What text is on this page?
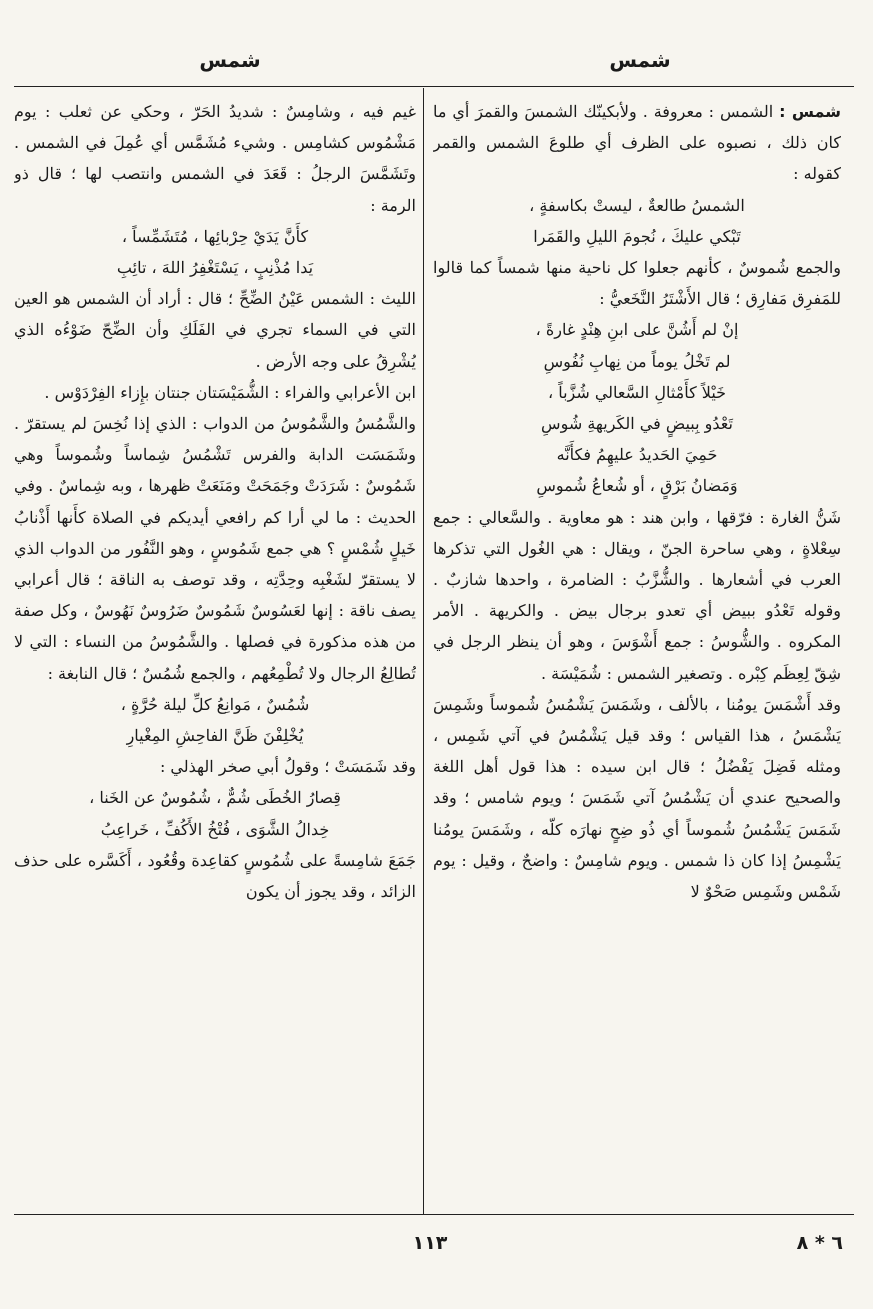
شمس
شمس

شمس : الشمس : معروفة . ولأبكينّك الشمسَ والقمرَ أي ما كان ذلك ، نصبوه على الظرف أي طلوعَ الشمس والقمر كقوله :

الشمسُ طالعةٌ ، ليستْ بكاسفةٍ ،

تَبْكي عليكَ ، نُجومَ الليلِ والقَمَرا

والجمع شُموسٌ ، كأنهم جعلوا كل ناحية منها شمساً كما قالوا للمَفرِق مَفارِق ؛ قال الأَشْتَرُ النَّخَعيُّ :

إنْ لم أَشُنَّ على ابنِ هِنْدٍ غارةً ،

لم تَخْلُ يوماً من نِهابِ نُفُوسِ

خَيْلاً كأَمْثالِ السَّعالي شُزَّباً ،

تَعْدُو بِبيضٍ في الكَريهةِ شُوسِ

حَمِيَ الحَديدُ عليهِمُ فكأَنَّه

وَمَضانُ بَرْقٍ ، أو شُعاعُ شُموسِ

شَنُّ الغارة : فرّقها ، وابن هند : هو معاوية . والسَّعالي : جمع سِعْلاةٍ ، وهي ساحرة الجنّ ، ويقال : هي الغُول التي تذكرها العرب في أشعارها . والشُّزَّبُ : الضامرة ، واحدها شازبٌ . وقوله تَعْدُو ببيض أي تعدو برجال بيض . والكريهة . الأمر المكروه . والشُّوسُ : جمع أَشْوَسَ ، وهو أن ينظر الرجل في شِقّ لِعِظَم كِبْره . وتصغير الشمس : شُمَيْسَة .

وقد أَشْمَسَ يومُنا ، بالألف ، وشَمَسَ يَشْمُسُ شُموساً وشَمِسَ يَشْمَسُ ، هذا القياس ؛ وقد قيل يَشْمُسُ في آتي شَمِس ، ومثله فَضِلَ يَفْضُلُ ؛ قال ابن سيده : هذا قول أهل اللغة والصحيح عندي أن يَشْمُسُ آتي شَمَسَ ؛ ويوم شامس ؛ وقد شَمَسَ يَشْمُسُ شُموساً أي ذُو ضِحٍ نهارَه كلّه ، وشَمَسَ يومُنا يَشْمِسُ إذا كان ذا شمس . ويوم شامِسٌ : واضحٌ ، وقيل : يوم شَمْس وشَمِس صَحْوٌ لا

غيم فيه ، وشامِسٌ : شديدُ الحَرّ ، وحكي عن ثعلب : يوم مَشْمُوس كشامِس . وشيء مُشَمَّس أي عُمِلَ في الشمس . وتَشَمَّسَ الرجلُ : قَعَدَ في الشمس وانتصب لها ؛ قال ذو الرمة :

كأَنَّ يَدَيْ حِرْبائِها ، مُتَشَمِّساً ،

يَدا مُذْنِبٍ ، يَسْتَغْفِرُ اللهَ ، تائِبِ

الليث : الشمس عَيْنُ الضِّحِّ ؛ قال : أراد أن الشمس هو العين التي في السماء تجري في الفَلَكِ وأن الضِّحّ ضَوْءُه الذي يُشْرِقُ على وجه الأرض .

ابن الأعرابي والفراء : الشُّمَيْسَتان جنتان بإِزاء الفِرْدَوْس .

والشَّمُسُ والشَّمُوسُ من الدواب : الذي إذا نُخِسَ لم يستقرّ . وشَمَسَت الدابة والفرس تَشْمُسُ شِماساً وشُموساً وهي شَمُوسٌ : شَرَدَتْ وجَمَحَتْ ومَنَعَتْ ظهرها ، وبه شِماسٌ . وفي الحديث : ما لي أرا كم رافعي أيديكم في الصلاة كأَنها أَذْنابُ خَيلٍ شُمْسٍ ؟ هي جمع شَمُوسٍ ، وهو النَّفُور من الدواب الذي لا يستقرّ لشَغْبِه وحِدَّتِه ، وقد توصف به الناقة ؛ قال أعرابي يصف ناقة : إنها لعَسُوسٌ شَمُوسٌ ضَرُوسٌ نَهُوسٌ ، وكل صفة من هذه مذكورة في فصلها . والشَّمُوسُ من النساء : التي لا تُطالِعُ الرجال ولا تُطْمِعُهم ، والجمع شُمُسٌ ؛ قال النابغة :

شُمُسٌ ، مَوانِعُ كلِّ ليلة حُرَّةٍ ،

يُخْلِفْنَ ظَنَّ الفاحِشِ المِغْيارِ

وقد شَمَسَتْ ؛ وقولُ أبي صخر الهذلي :

قِصارُ الخُطَى شُمٌّ ، شُمُوسٌ عن الخَنا ،

خِدالُ الشَّوَى ، فُتْخُ الأَكُفِّ ، خَراعِبُ

جَمَعَ شامِسةً على شُمُوسٍ كقاعِدة وقُعُود ، أَكَسَّره على حذف الزائد ، وقد يجوز أن يكون

١١٣	٦ * ٨
